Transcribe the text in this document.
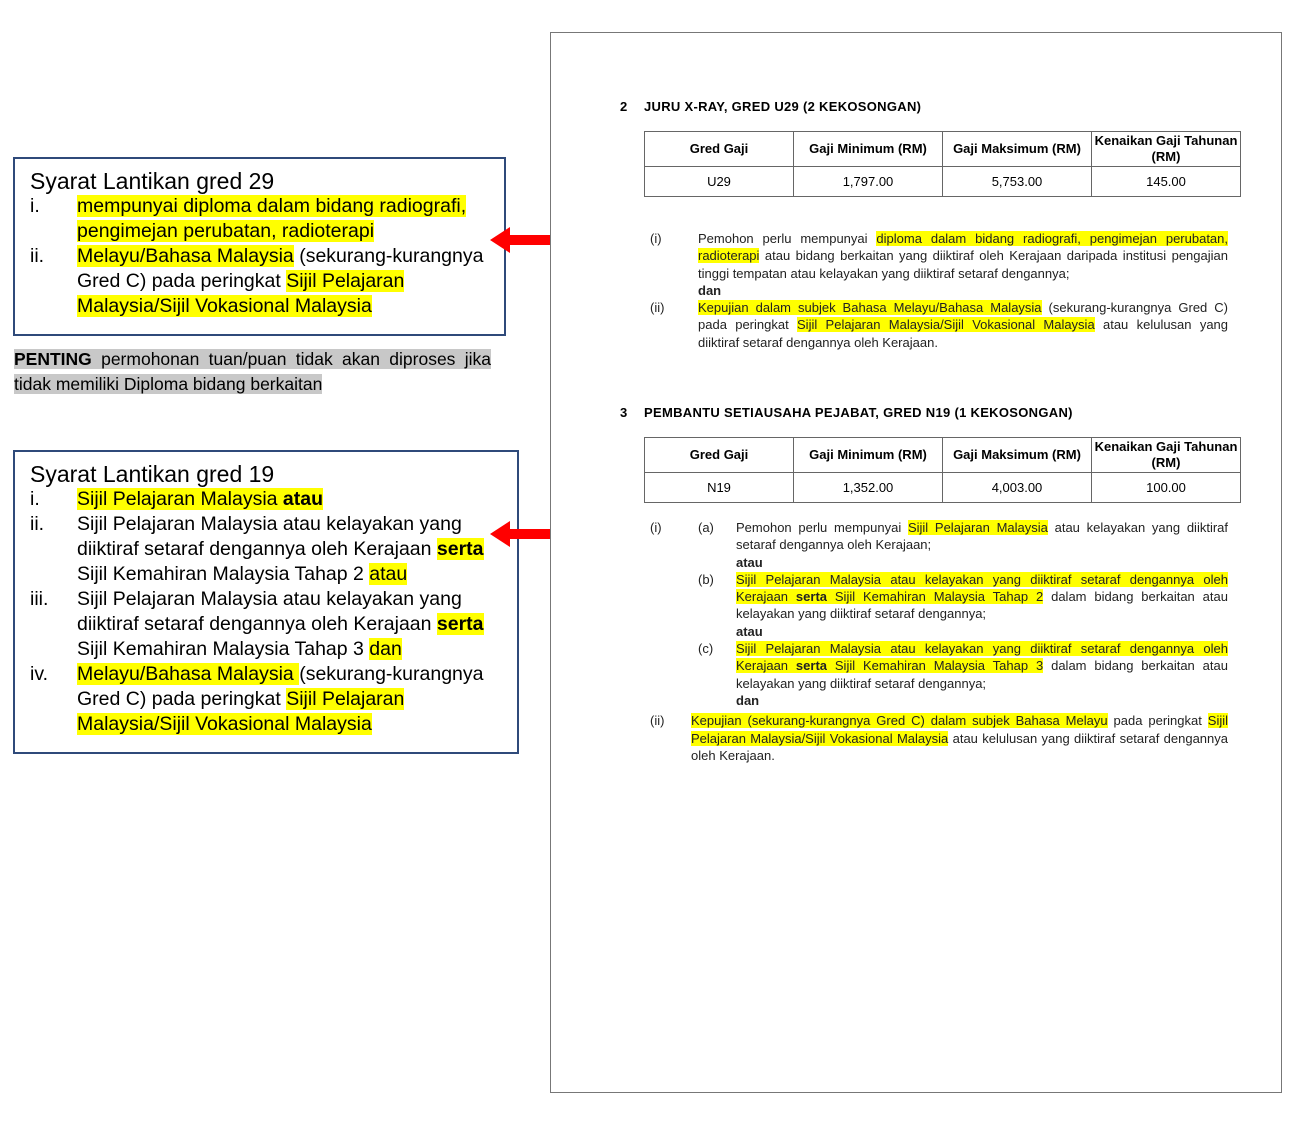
Syarat Lantikan gred 29

i.	mempunyai diploma dalam bidang radiografi, pengimejan perubatan, radioterapi
ii.	Melayu/Bahasa Malaysia (sekurang-kurangnya Gred C) pada peringkat Sijil Pelajaran Malaysia/Sijil Vokasional Malaysia
PENTING permohonan tuan/puan tidak akan diproses jika tidak memiliki Diploma bidang berkaitan

Syarat Lantikan gred 19

i.	Sijil Pelajaran Malaysia atau
ii.	Sijil Pelajaran Malaysia atau kelayakan yang diiktiraf setaraf dengannya oleh Kerajaan serta Sijil Kemahiran Malaysia Tahap 2 atau
iii.	Sijil Pelajaran Malaysia atau kelayakan yang diiktiraf setaraf dengannya oleh Kerajaan serta Sijil Kemahiran Malaysia Tahap 3 dan
iv.	Melayu/Bahasa Malaysia (sekurang-kurangnya Gred C) pada peringkat Sijil Pelajaran Malaysia/Sijil Vokasional Malaysia
2 JURU X-RAY, GRED U29 (2 KEKOSONGAN)
Gred Gaji	Gaji Minimum (RM)	Gaji Maksimum (RM)	Kenaikan Gaji Tahunan (RM)
U29	1,797.00	5,753.00	145.00
(i)	Pemohon perlu mempunyai diploma dalam bidang radiografi, pengimejan perubatan, radioterapi atau bidang berkaitan yang diiktiraf oleh Kerajaan daripada institusi pengajian tinggi tempatan atau kelayakan yang diiktiraf setaraf dengannya;
dan
(ii)	Kepujian dalam subjek Bahasa Melayu/Bahasa Malaysia (sekurang-kurangnya Gred C) pada peringkat Sijil Pelajaran Malaysia/Sijil Vokasional Malaysia atau kelulusan yang diiktiraf setaraf dengannya oleh Kerajaan.
3 PEMBANTU SETIAUSAHA PEJABAT, GRED N19 (1 KEKOSONGAN)
Gred Gaji	Gaji Minimum (RM)	Gaji Maksimum (RM)	Kenaikan Gaji Tahunan (RM)
N19	1,352.00	4,003.00	100.00
(i)	(a)	Pemohon perlu mempunyai Sijil Pelajaran Malaysia atau kelayakan yang diiktiraf setaraf dengannya oleh Kerajaan;
atau
(b)	Sijil Pelajaran Malaysia atau kelayakan yang diiktiraf setaraf dengannya oleh Kerajaan serta Sijil Kemahiran Malaysia Tahap 2 dalam bidang berkaitan atau kelayakan yang diiktiraf setaraf dengannya;
atau
(c)	Sijil Pelajaran Malaysia atau kelayakan yang diiktiraf setaraf dengannya oleh Kerajaan serta Sijil Kemahiran Malaysia Tahap 3 dalam bidang berkaitan atau kelayakan yang diiktiraf setaraf dengannya;
dan
(ii)	Kepujian (sekurang-kurangnya Gred C) dalam subjek Bahasa Melayu pada peringkat Sijil Pelajaran Malaysia/Sijil Vokasional Malaysia atau kelulusan yang diiktiraf setaraf dengannya oleh Kerajaan.
